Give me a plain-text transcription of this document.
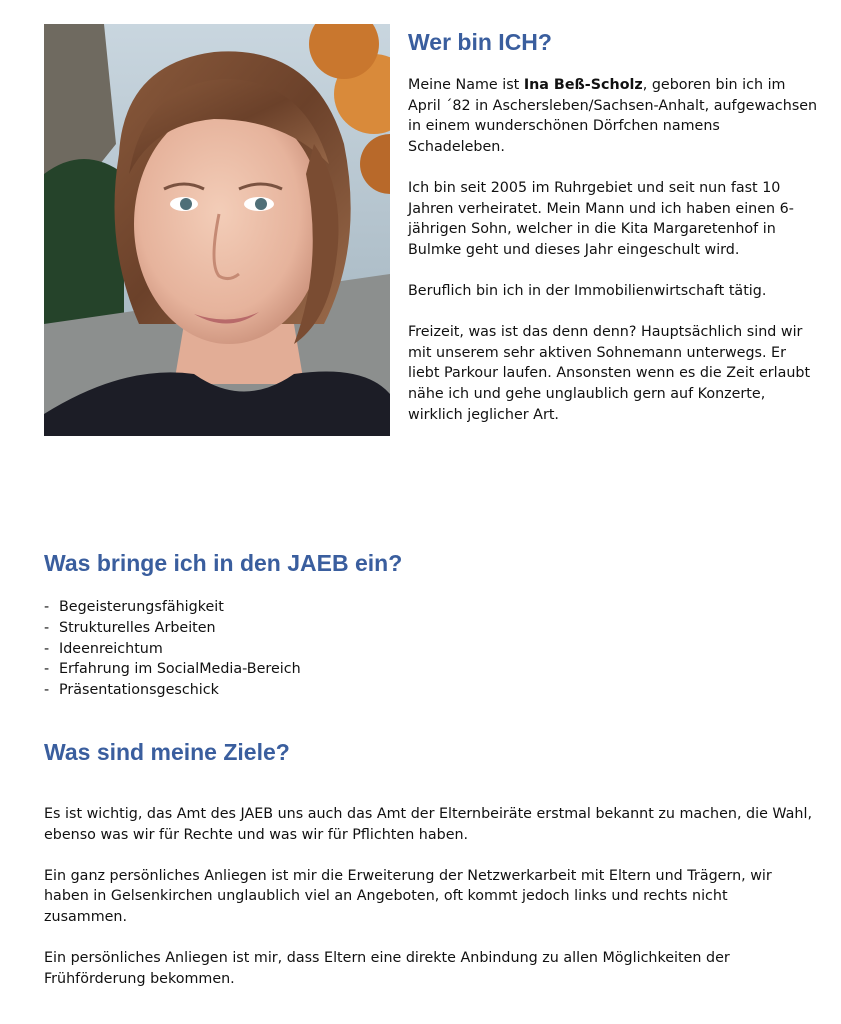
Wer bin ICH?

Meine Name ist Ina Beß-Scholz, geboren bin ich im April ´82 in Aschersleben/Sachsen-Anhalt, aufgewachsen in einem wunderschönen Dörfchen namens Schadeleben.

Ich bin seit 2005 im Ruhrgebiet und seit nun fast 10 Jahren verheiratet. Mein Mann und ich haben einen 6-jährigen Sohn, welcher in die Kita Margaretenhof in Bulmke geht und dieses Jahr eingeschult wird.

Beruflich bin ich in der Immobilienwirtschaft tätig.

Freizeit, was ist das denn denn? Hauptsächlich sind wir mit unserem sehr aktiven Sohnemann unterwegs. Er liebt Parkour laufen. Ansonsten wenn es die Zeit erlaubt nähe ich und gehe unglaublich gern auf Konzerte, wirklich jeglicher Art.

Was bringe ich in den JAEB ein?
- Begeisterungsfähigkeit
- Strukturelles Arbeiten
- Ideenreichtum
- Erfahrung im SocialMedia-Bereich
- Präsentationsgeschick
Was sind meine Ziele?

Es ist wichtig, das Amt des JAEB uns auch das Amt der Elternbeiräte erstmal bekannt zu machen, die Wahl, ebenso was wir für Rechte und was wir für Pflichten haben.

Ein ganz persönliches Anliegen ist mir die Erweiterung der Netzwerkarbeit mit Eltern und Trägern, wir haben in Gelsenkirchen unglaublich viel an Angeboten, oft kommt jedoch links und rechts nicht zusammen.

Ein persönliches Anliegen ist mir, dass Eltern eine direkte Anbindung zu allen Möglichkeiten der Frühförderung bekommen.
